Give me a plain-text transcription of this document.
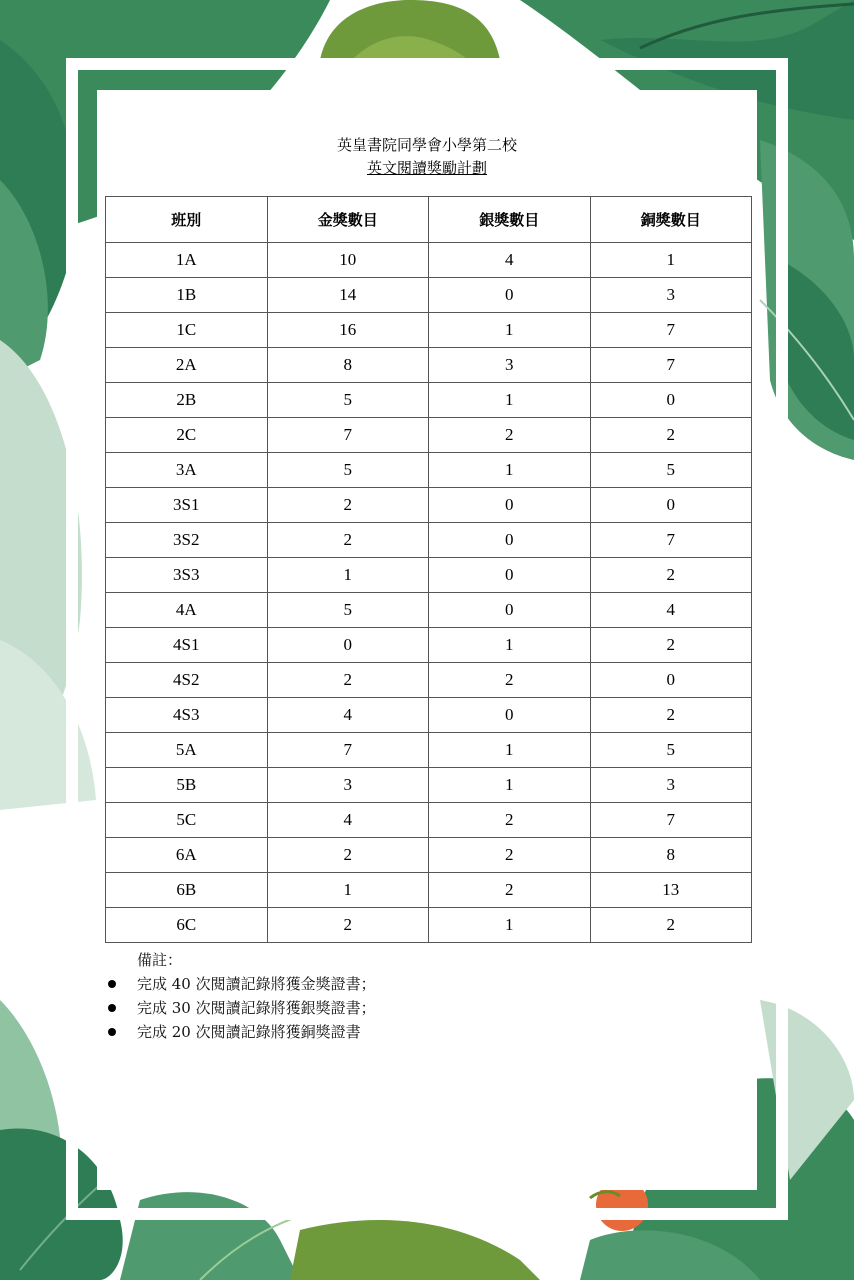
英皇書院同學會小學第二校
英文閱讀獎勵計劃
班別	金獎數目	銀獎數目	銅獎數目
1A	10	4	1
1B	14	0	3
1C	16	1	7
2A	8	3	7
2B	5	1	0
2C	7	2	2
3A	5	1	5
3S1	2	0	0
3S2	2	0	7
3S3	1	0	2
4A	5	0	4
4S1	0	1	2
4S2	2	2	0
4S3	4	0	2
5A	7	1	5
5B	3	1	3
5C	4	2	7
6A	2	2	8
6B	1	2	13
6C	2	1	2
備註：
完成 40 次閱讀記錄將獲金獎證書；
完成 30 次閱讀記錄將獲銀獎證書；
完成 20 次閱讀記錄將獲銅獎證書
